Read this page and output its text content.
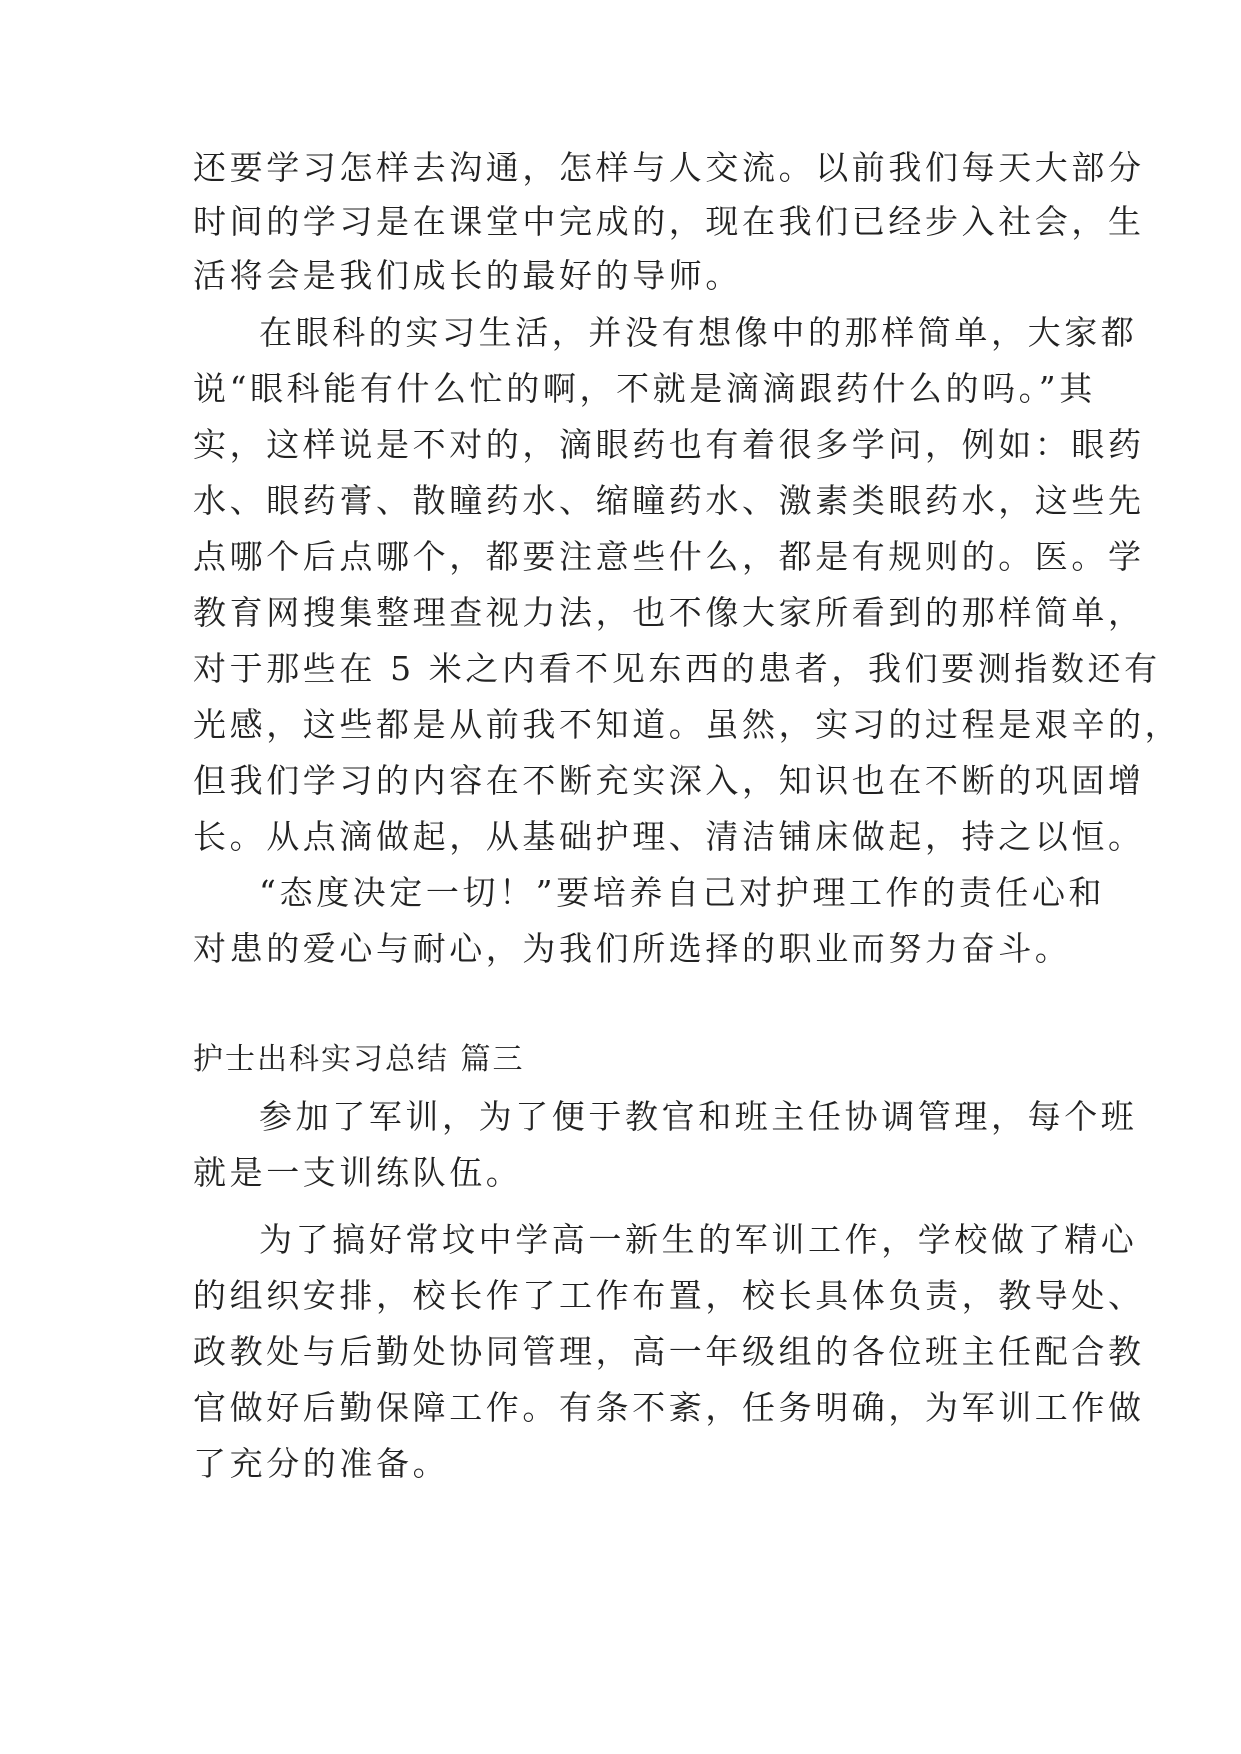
还要学习怎样去沟通，怎样与人交流。以前我们每天大部分
时间的学习是在课堂中完成的，现在我们已经步入社会，生
活将会是我们成长的最好的导师。
在眼科的实习生活，并没有想像中的那样简单，大家都
说“眼科能有什么忙的啊，不就是滴滴跟药什么的吗。”其
实，这样说是不对的，滴眼药也有着很多学问，例如：眼药
水、眼药膏、散瞳药水、缩瞳药水、激素类眼药水，这些先
点哪个后点哪个，都要注意些什么，都是有规则的。医。学
教育网搜集整理查视力法，也不像大家所看到的那样简单，
对于那些在 5 米之内看不见东西的患者，我们要测指数还有
光感，这些都是从前我不知道。虽然，实习的过程是艰辛的，
但我们学习的内容在不断充实深入，知识也在不断的巩固增
长。从点滴做起，从基础护理、清洁铺床做起，持之以恒。
“态度决定一切！”要培养自己对护理工作的责任心和
对患的爱心与耐心，为我们所选择的职业而努力奋斗。
护士出科实习总结 篇三
参加了军训，为了便于教官和班主任协调管理，每个班
就是一支训练队伍。
为了搞好常坟中学高一新生的军训工作，学校做了精心
的组织安排，校长作了工作布置，校长具体负责，教导处、
政教处与后勤处协同管理，高一年级组的各位班主任配合教
官做好后勤保障工作。有条不紊，任务明确，为军训工作做
了充分的准备。
